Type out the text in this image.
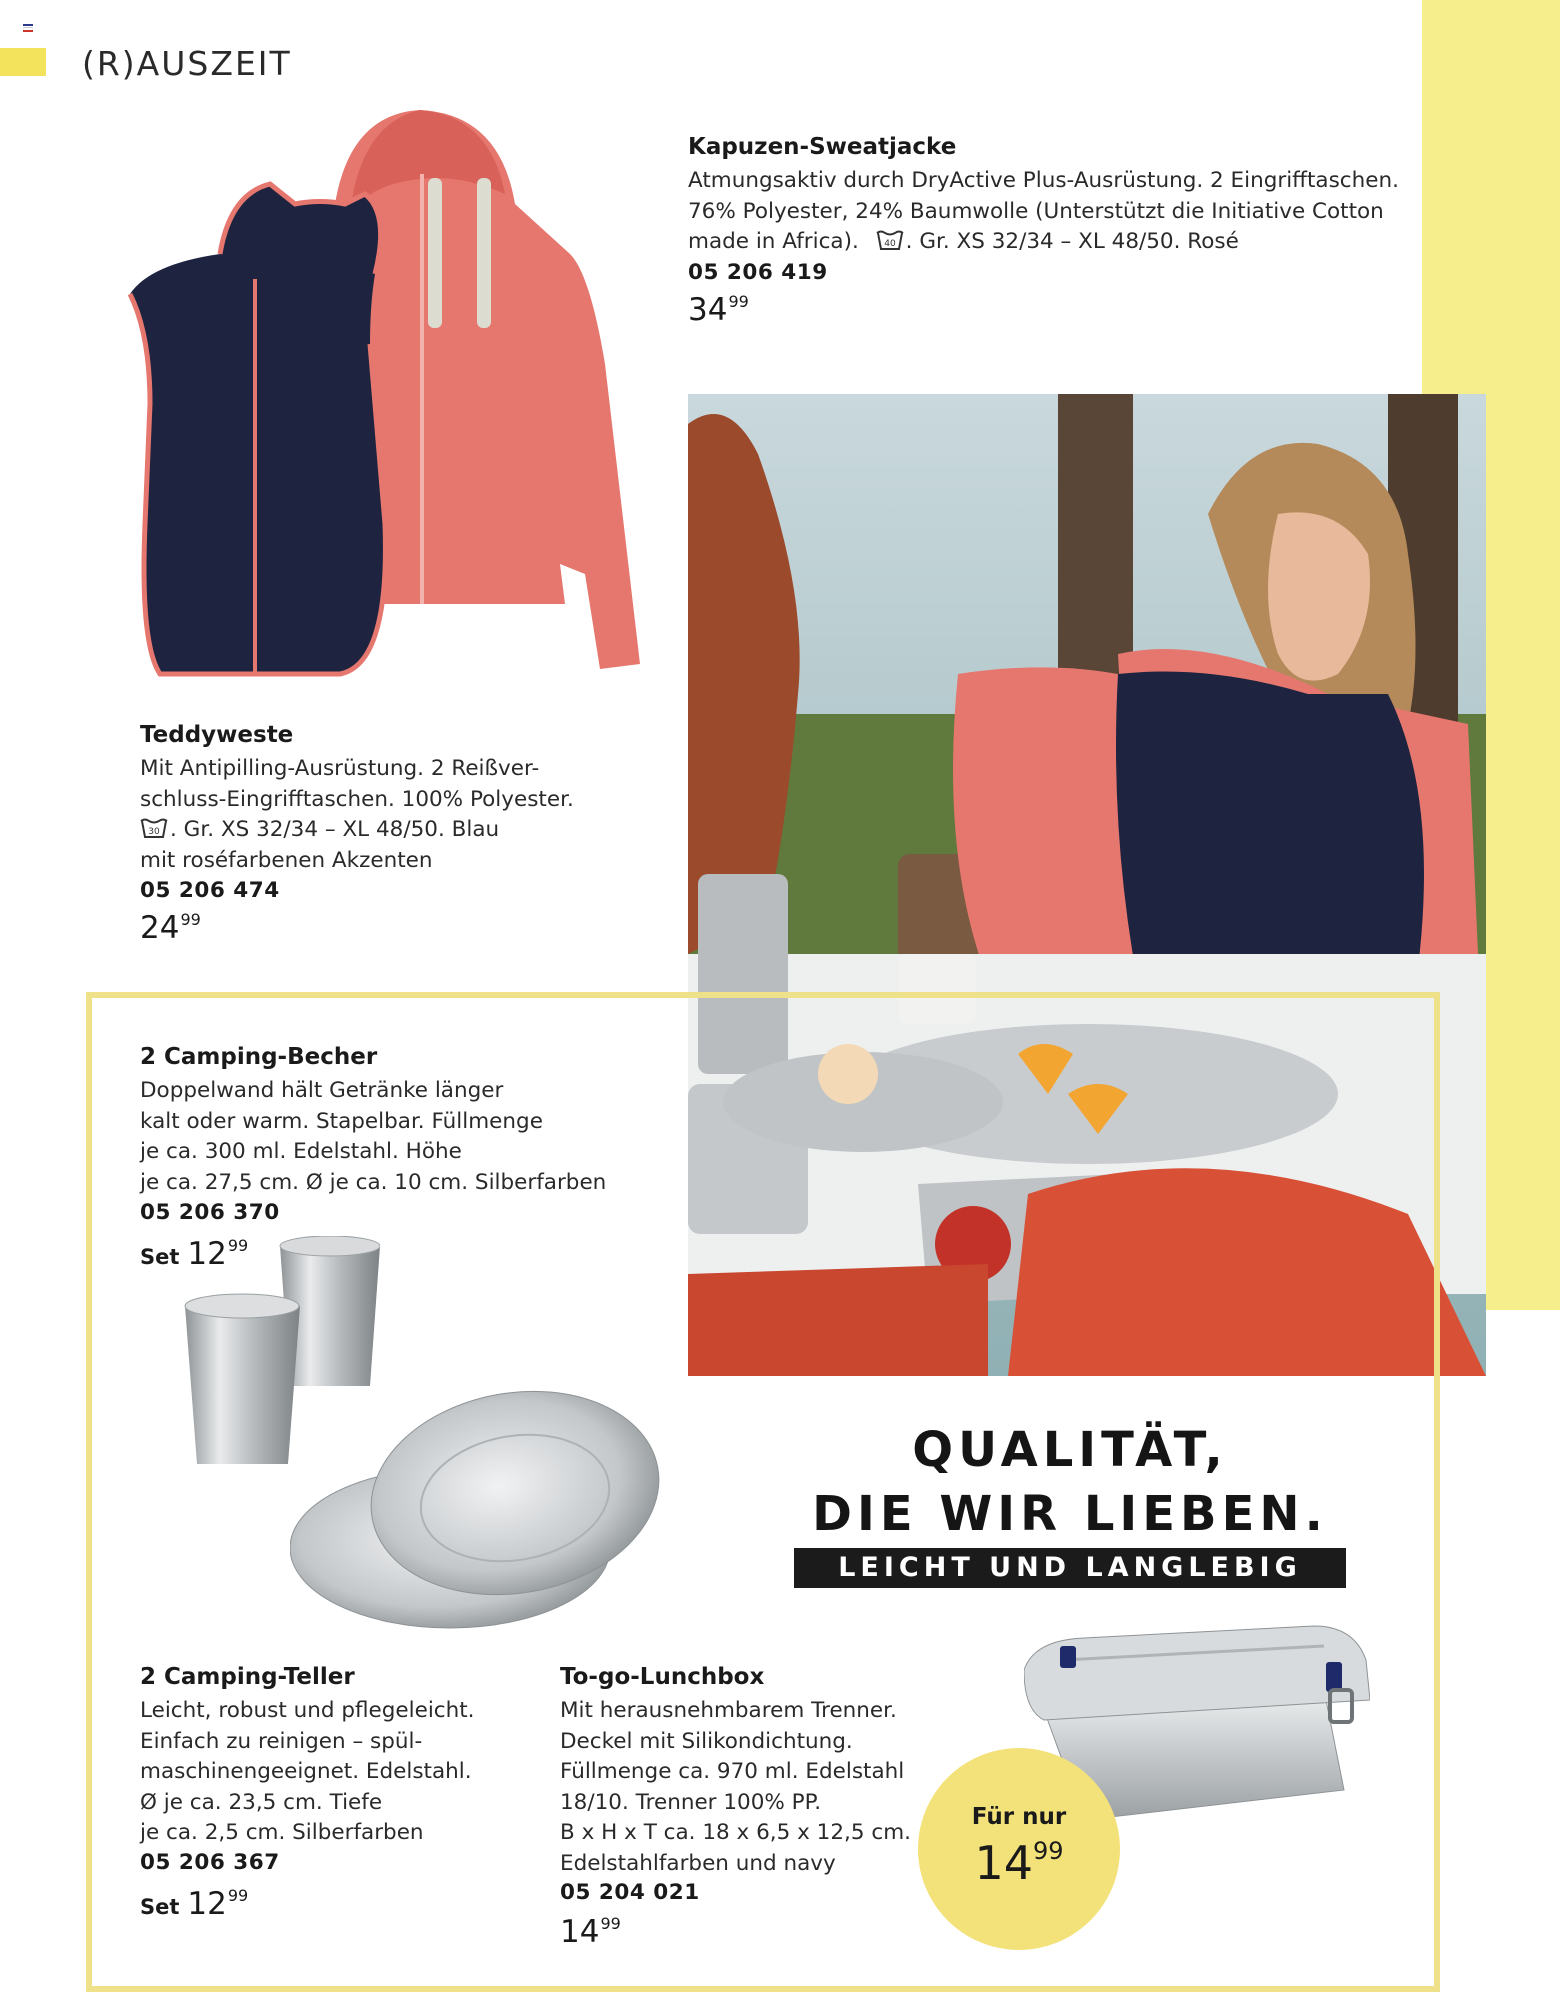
(R)AUSZEIT
Kapuzen-Sweatjacke
Atmungsaktiv durch DryActive Plus-Ausrüstung. 2 Eingrifftaschen.
76% Polyester, 24% Baumwolle (Unterstützt die Initiative Cotton
made in Africa).	40 . Gr. XS 32/34 – XL 48/50. Rosé
05 206 419
$34^{99}$
Teddyweste
Mit Antipilling-Ausrüstung. 2 Reißver-
schluss-Eingrifftaschen. 100% Polyester.
30 . Gr. XS 32/34 – XL 48/50. Blau
mit roséfarbenen Akzenten
05 206 474
$24^{99}$
2 Camping-Becher
Doppelwand hält Getränke länger
kalt oder warm. Stapelbar. Füllmenge
je ca. 300 ml. Edelstahl. Höhe
je ca. 27,5 cm. Ø je ca. 10 cm. Silberfarben
05 206 370
Set $12^{99}$
2 Camping-Teller
Leicht, robust und pflegeleicht.
Einfach zu reinigen – spül-
maschinengeeignet. Edelstahl.
Ø je ca. 23,5 cm. Tiefe
je ca. 2,5 cm. Silberfarben
05 206 367
Set $12^{99}$
To-go-Lunchbox
Mit herausnehmbarem Trenner.
Deckel mit Silikondichtung.
Füllmenge ca. 970 ml. Edelstahl
18/10. Trenner 100% PP.
B x H x T ca. 18 x 6,5 x 12,5 cm.
Edelstahlfarben und navy
05 204 021
$14^{99}$
QUALITÄT,
DIE WIR LIEBEN.
LEICHT UND LANGLEBIG
Für nur
$14^{99}$
